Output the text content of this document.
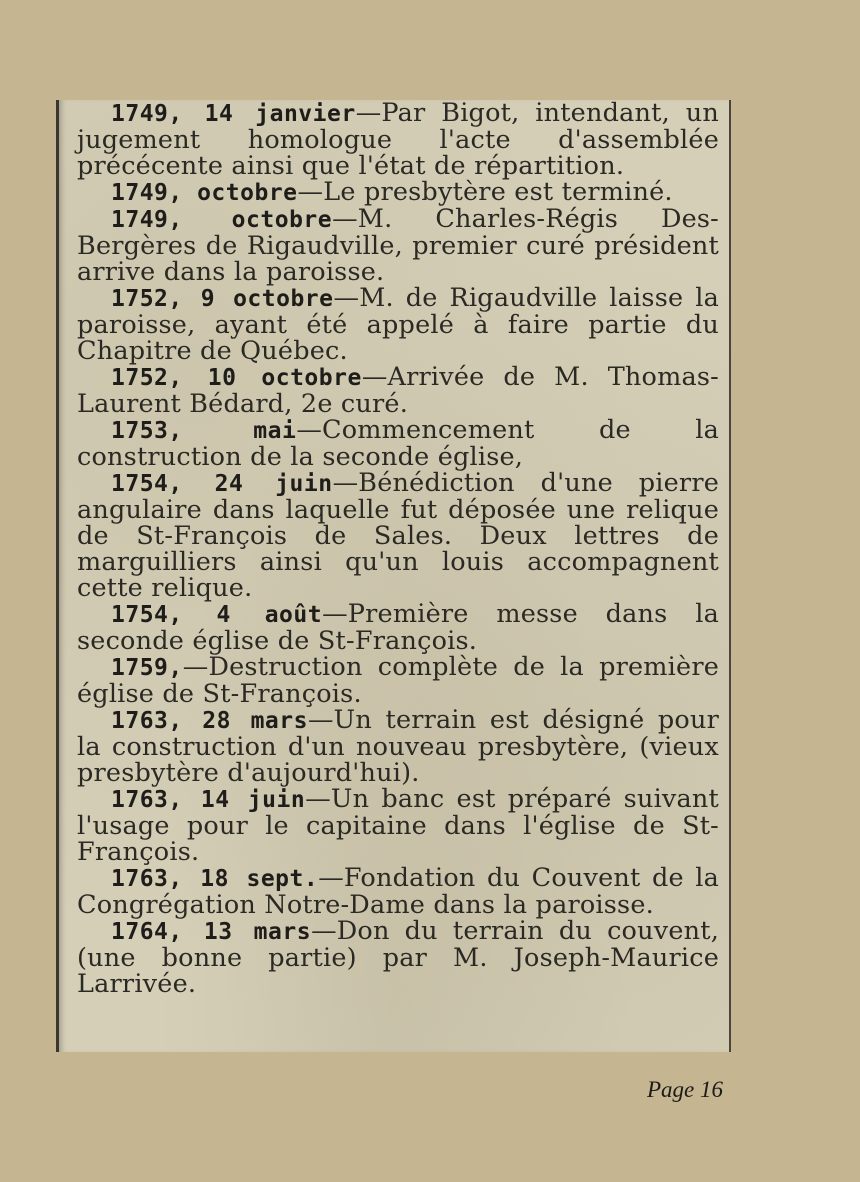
1749, 14 janvier—Par Bigot, intendant, un jugement homologue l'acte d'assemblée précécente ainsi que l'état de répartition.

1749, octobre—Le presbytère est terminé.

1749, octobre—M. Charles-Régis Des-Bergères de Rigaudville, premier curé président arrive dans la paroisse.

1752, 9 octobre—M. de Rigaudville laisse la paroisse, ayant été appelé à faire partie du Chapitre de Québec.

1752, 10 octobre—Arrivée de M. Thomas-Laurent Bédard, 2e curé.

1753, mai—Commencement de la construction de la seconde église,

1754, 24 juin—Bénédiction d'une pierre angulaire dans laquelle fut déposée une relique de St-François de Sales. Deux lettres de marguilliers ainsi qu'un louis accompagnent cette relique.

1754, 4 août—Première messe dans la seconde église de St-François.

1759,—Destruction complète de la première église de St-François.

1763, 28 mars—Un terrain est désigné pour la construction d'un nouveau presbytère, (vieux presbytère d'aujourd'hui).

1763, 14 juin—Un banc est préparé suivant l'usage pour le capitaine dans l'église de St-François.

1763, 18 sept.—Fondation du Couvent de la Congrégation Notre-Dame dans la paroisse.

1764, 13 mars—Don du terrain du couvent, (une bonne partie) par M. Joseph-Maurice Larrivée.

Page 16
